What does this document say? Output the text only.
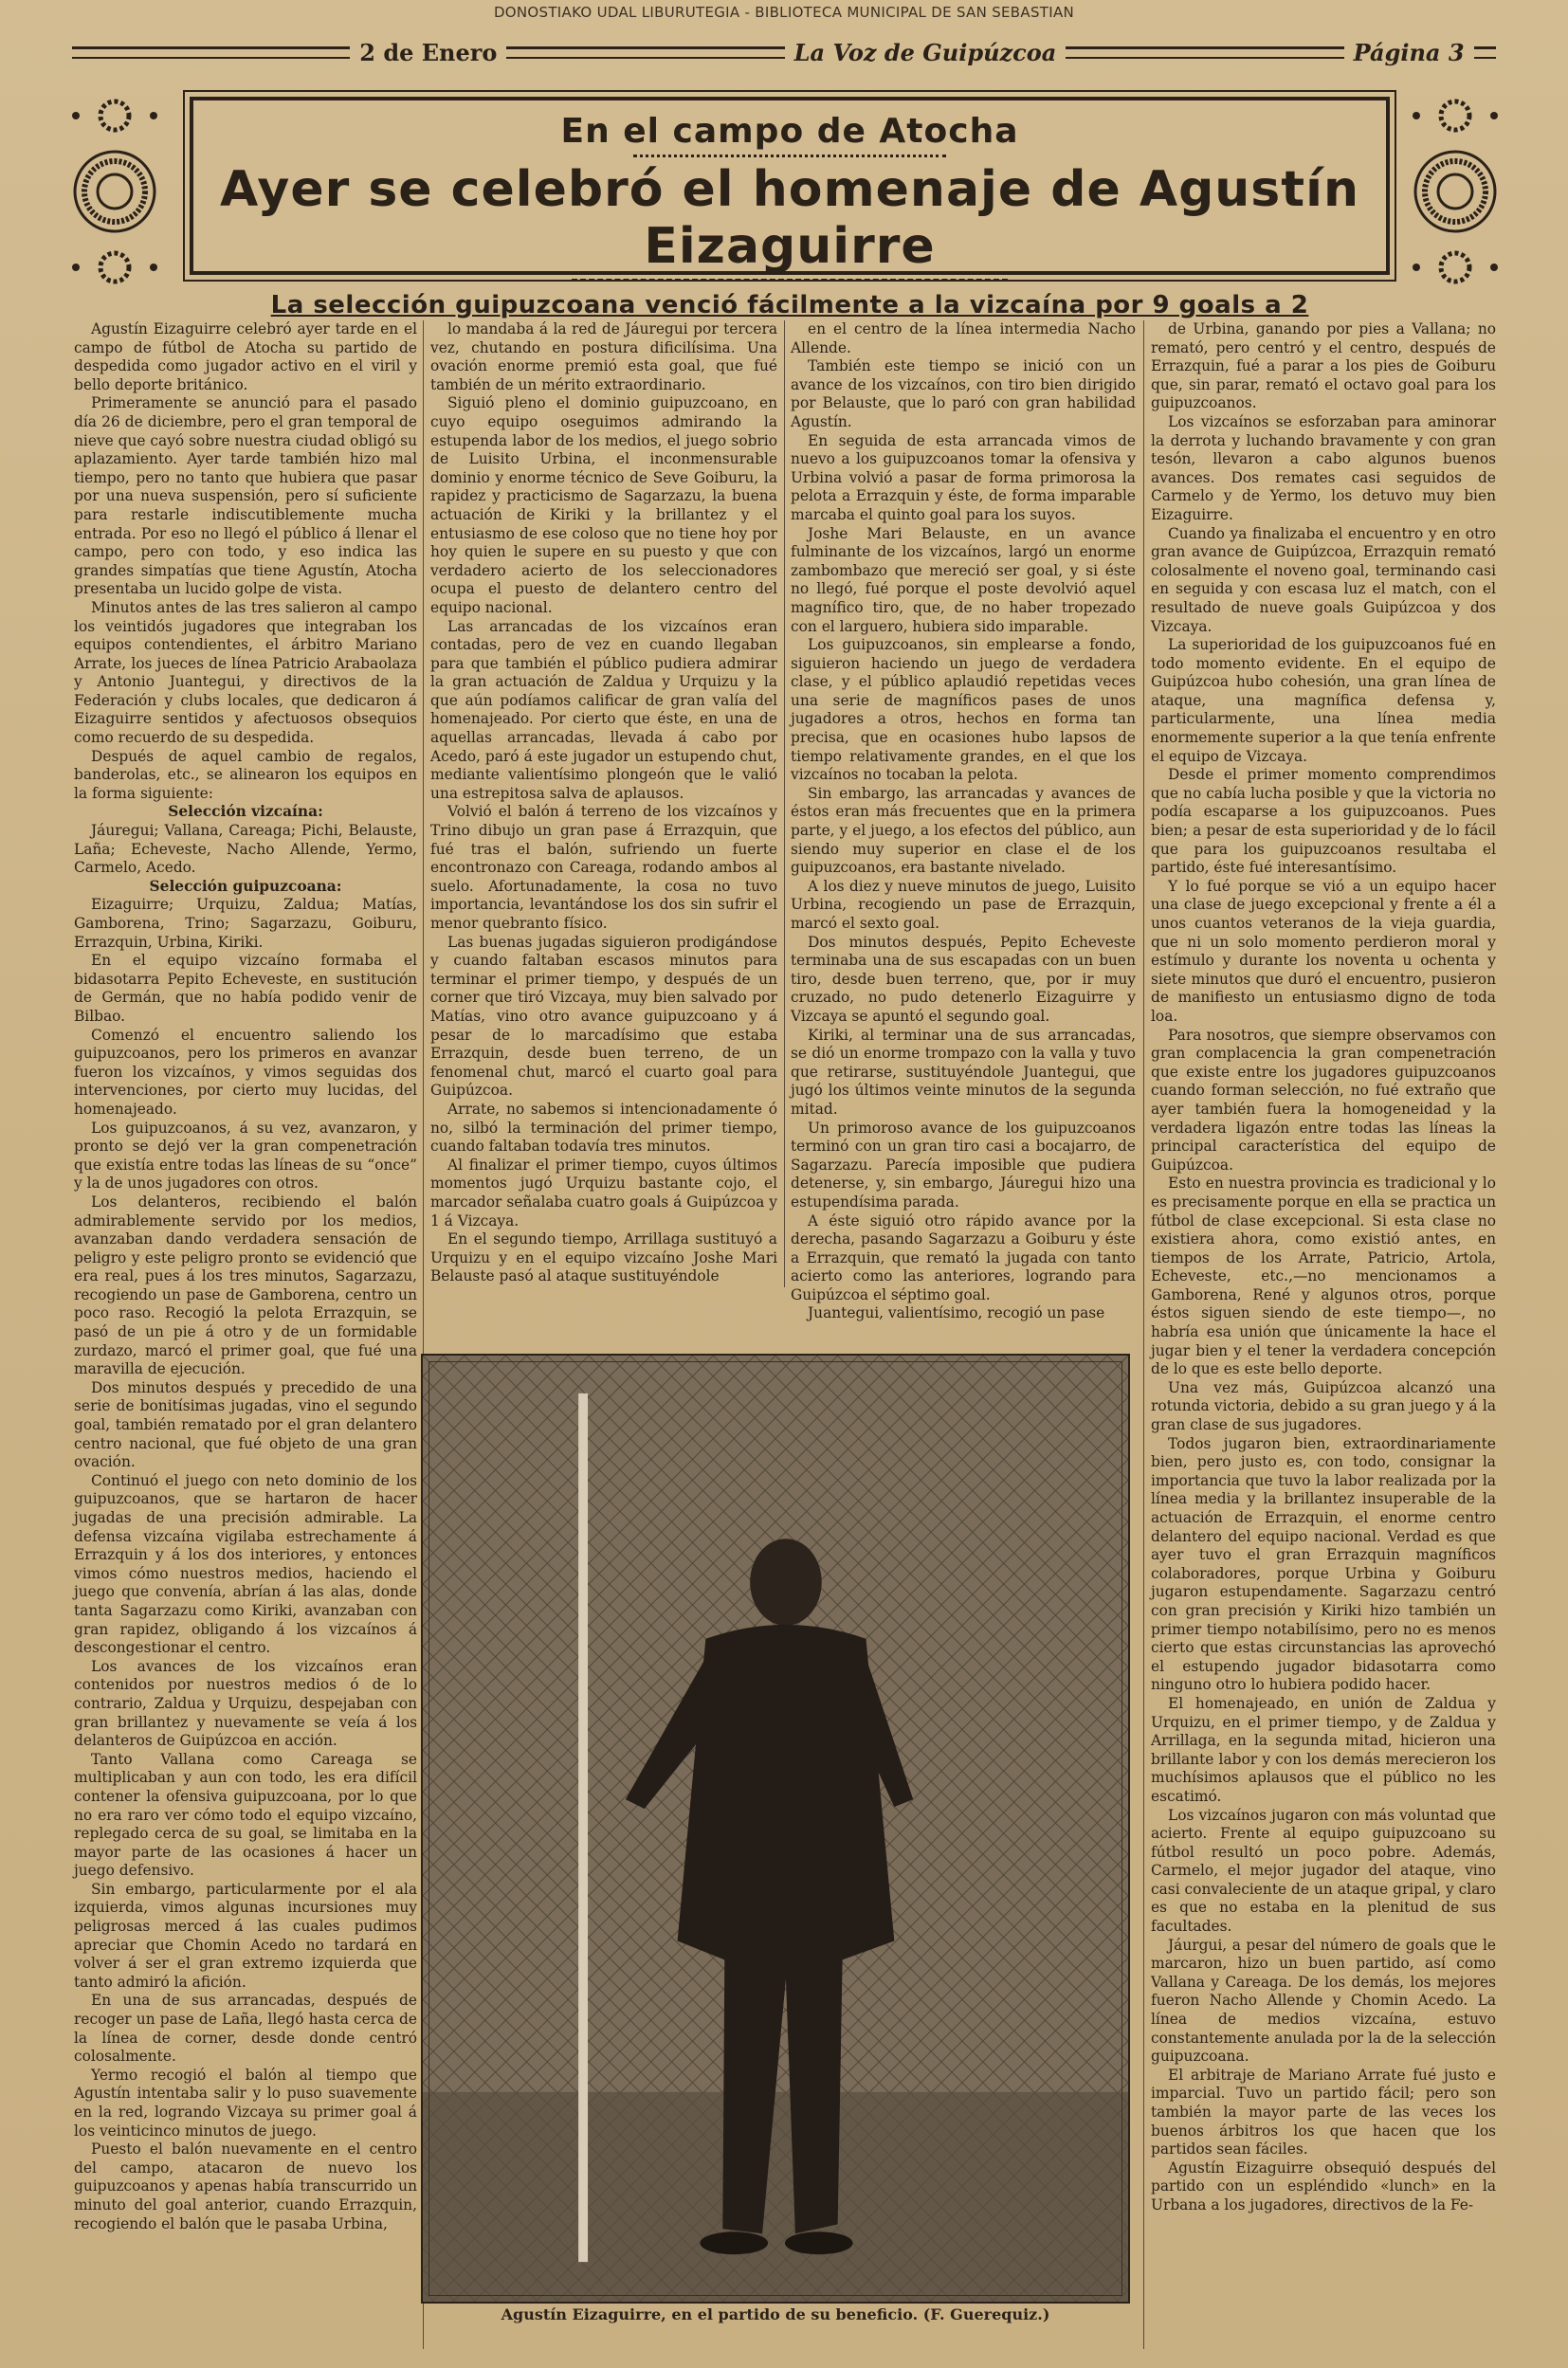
DONOSTIAKO UDAL LIBURUTEGIA - BIBLIOTECA MUNICIPAL DE SAN SEBASTIAN
2 de Enero	La Voz de Guipúzcoa	Página 3
En el campo de Atocha
Ayer se celebró el homenaje de Agustín Eizaguirre
La selección guipuzcoana venció fácilmente a la vizcaína por 9 goals a 2

Agustín Eizaguirre celebró ayer tarde en el campo de fútbol de Atocha su partido de despedida como jugador activo en el viril y bello deporte británico.

Primeramente se anunció para el pasado día 26 de diciembre, pero el gran temporal de nieve que cayó sobre nuestra ciudad obligó su aplazamiento. Ayer tarde también hizo mal tiempo, pero no tanto que hubiera que pasar por una nueva suspensión, pero sí suficiente para restarle indiscutiblemente mucha entrada. Por eso no llegó el público á llenar el campo, pero con todo, y eso indica las grandes simpatías que tiene Agustín, Atocha presentaba un lucido golpe de vista.

Minutos antes de las tres salieron al campo los veintidós jugadores que integraban los equipos contendientes, el árbitro Mariano Arrate, los jueces de línea Patricio Arabaolaza y Antonio Juantegui, y directivos de la Federación y clubs locales, que dedicaron á Eizaguirre sentidos y afectuosos obsequios como recuerdo de su despedida.

Después de aquel cambio de regalos, banderolas, etc., se alinearon los equipos en la forma siguiente:

Selección vizcaína:

Jáuregui; Vallana, Careaga; Pichi, Belauste, Laña; Echeveste, Nacho Allende, Yermo, Carmelo, Acedo.

Selección guipuzcoana:

Eizaguirre; Urquizu, Zaldua; Matías, Gamborena, Trino; Sagarzazu, Goiburu, Errazquin, Urbina, Kiriki.

En el equipo vizcaíno formaba el bidasotarra Pepito Echeveste, en sustitución de Germán, que no había podido venir de Bilbao.

Comenzó el encuentro saliendo los guipuzcoanos, pero los primeros en avanzar fueron los vizcaínos, y vimos seguidas dos intervenciones, por cierto muy lucidas, del homenajeado.

Los guipuzcoanos, á su vez, avanzaron, y pronto se dejó ver la gran compenetración que existía entre todas las líneas de su “once” y la de unos jugadores con otros.

Los delanteros, recibiendo el balón admirablemente servido por los medios, avanzaban dando verdadera sensación de peligro y este peligro pronto se evidenció que era real, pues á los tres minutos, Sagarzazu, recogiendo un pase de Gamborena, centro un poco raso. Recogió la pelota Errazquin, se pasó de un pie á otro y de un formidable zurdazo, marcó el primer goal, que fué una maravilla de ejecución.

Dos minutos después y precedido de una serie de bonitísimas jugadas, vino el segundo goal, también rematado por el gran delantero centro nacional, que fué objeto de una gran ovación.

Continuó el juego con neto dominio de los guipuzcoanos, que se hartaron de hacer jugadas de una precisión admirable. La defensa vizcaína vigilaba estrechamente á Errazquin y á los dos interiores, y entonces vimos cómo nuestros medios, haciendo el juego que convenía, abrían á las alas, donde tanta Sagarzazu como Kiriki, avanzaban con gran rapidez, obligando á los vizcaínos á descongestionar el centro.

Los avances de los vizcaínos eran contenidos por nuestros medios ó de lo contrario, Zaldua y Urquizu, despejaban con gran brillantez y nuevamente se veía á los delanteros de Guipúzcoa en acción.

Tanto Vallana como Careaga se multiplicaban y aun con todo, les era difícil contener la ofensiva guipuzcoana, por lo que no era raro ver cómo todo el equipo vizcaíno, replegado cerca de su goal, se limitaba en la mayor parte de las ocasiones á hacer un juego defensivo.

Sin embargo, particularmente por el ala izquierda, vimos algunas incursiones muy peligrosas merced á las cuales pudimos apreciar que Chomin Acedo no tardará en volver á ser el gran extremo izquierda que tanto admiró la afición.

En una de sus arrancadas, después de recoger un pase de Laña, llegó hasta cerca de la línea de corner, desde donde centró colosalmente.

Yermo recogió el balón al tiempo que Agustín intentaba salir y lo puso suavemente en la red, logrando Vizcaya su primer goal á los veinticinco minutos de juego.

Puesto el balón nuevamente en el centro del campo, atacaron de nuevo los guipuzcoanos y apenas había transcurrido un minuto del goal anterior, cuando Errazquin, recogiendo el balón que le pasaba Urbina,

lo mandaba á la red de Jáuregui por tercera vez, chutando en postura dificilísima. Una ovación enorme premió esta goal, que fué también de un mérito extraordinario.

Siguió pleno el dominio guipuzcoano, en cuyo equipo oseguimos admirando la estupenda labor de los medios, el juego sobrio de Luisito Urbina, el inconmensurable dominio y enorme técnico de Seve Goiburu, la rapidez y practicismo de Sagarzazu, la buena actuación de Kiriki y la brillantez y el entusiasmo de ese coloso que no tiene hoy por hoy quien le supere en su puesto y que con verdadero acierto de los seleccionadores ocupa el puesto de delantero centro del equipo nacional.

Las arrancadas de los vizcaínos eran contadas, pero de vez en cuando llegaban para que también el público pudiera admirar la gran actuación de Zaldua y Urquizu y la que aún podíamos calificar de gran valía del homenajeado. Por cierto que éste, en una de aquellas arrancadas, llevada á cabo por Acedo, paró á este jugador un estupendo chut, mediante valientísimo plongeón que le valió una estrepitosa salva de aplausos.

Volvió el balón á terreno de los vizcaínos y Trino dibujo un gran pase á Errazquin, que fué tras el balón, sufriendo un fuerte encontronazo con Careaga, rodando ambos al suelo. Afortunadamente, la cosa no tuvo importancia, levantándose los dos sin sufrir el menor quebranto físico.

Las buenas jugadas siguieron prodigándose y cuando faltaban escasos minutos para terminar el primer tiempo, y después de un corner que tiró Vizcaya, muy bien salvado por Matías, vino otro avance guipuzcoano y á pesar de lo marcadísimo que estaba Errazquin, desde buen terreno, de un fenomenal chut, marcó el cuarto goal para Guipúzcoa.

Arrate, no sabemos si intencionadamente ó no, silbó la terminación del primer tiempo, cuando faltaban todavía tres minutos.

Al finalizar el primer tiempo, cuyos últimos momentos jugó Urquizu bastante cojo, el marcador señalaba cuatro goals á Guipúzcoa y 1 á Vizcaya.

En el segundo tiempo, Arrillaga sustituyó a Urquizu y en el equipo vizcaíno Joshe Mari Belauste pasó al ataque sustituyéndole

en el centro de la línea intermedia Nacho Allende.

También este tiempo se inició con un avance de los vizcaínos, con tiro bien dirigido por Belauste, que lo paró con gran habilidad Agustín.

En seguida de esta arrancada vimos de nuevo a los guipuzcoanos tomar la ofensiva y Urbina volvió a pasar de forma primorosa la pelota a Errazquin y éste, de forma imparable marcaba el quinto goal para los suyos.

Joshe Mari Belauste, en un avance fulminante de los vizcaínos, largó un enorme zambombazo que mereció ser goal, y si éste no llegó, fué porque el poste devolvió aquel magnífico tiro, que, de no haber tropezado con el larguero, hubiera sido imparable.

Los guipuzcoanos, sin emplearse a fondo, siguieron haciendo un juego de verdadera clase, y el público aplaudió repetidas veces una serie de magníficos pases de unos jugadores a otros, hechos en forma tan precisa, que en ocasiones hubo lapsos de tiempo relativamente grandes, en el que los vizcaínos no tocaban la pelota.

Sin embargo, las arrancadas y avances de éstos eran más frecuentes que en la primera parte, y el juego, a los efectos del público, aun siendo muy superior en clase el de los guipuzcoanos, era bastante nivelado.

A los diez y nueve minutos de juego, Luisito Urbina, recogiendo un pase de Errazquin, marcó el sexto goal.

Dos minutos después, Pepito Echeveste terminaba una de sus escapadas con un buen tiro, desde buen terreno, que, por ir muy cruzado, no pudo detenerlo Eizaguirre y Vizcaya se apuntó el segundo goal.

Kiriki, al terminar una de sus arrancadas, se dió un enorme trompazo con la valla y tuvo que retirarse, sustituyéndole Juantegui, que jugó los últimos veinte minutos de la segunda mitad.

Un primoroso avance de los guipuzcoanos terminó con un gran tiro casi a bocajarro, de Sagarzazu. Parecía imposible que pudiera detenerse, y, sin embargo, Jáuregui hizo una estupendísima parada.

A éste siguió otro rápido avance por la derecha, pasando Sagarzazu a Goiburu y éste a Errazquin, que remató la jugada con tanto acierto como las anteriores, logrando para Guipúzcoa el séptimo goal.

Juantegui, valientísimo, recogió un pase

de Urbina, ganando por pies a Vallana; no remató, pero centró y el centro, después de Errazquin, fué a parar a los pies de Goiburu que, sin parar, remató el octavo goal para los guipuzcoanos.

Los vizcaínos se esforzaban para aminorar la derrota y luchando bravamente y con gran tesón, llevaron a cabo algunos buenos avances. Dos remates casi seguidos de Carmelo y de Yermo, los detuvo muy bien Eizaguirre.

Cuando ya finalizaba el encuentro y en otro gran avance de Guipúzcoa, Errazquin remató colosalmente el noveno goal, terminando casi en seguida y con escasa luz el match, con el resultado de nueve goals Guipúzcoa y dos Vizcaya.

La superioridad de los guipuzcoanos fué en todo momento evidente. En el equipo de Guipúzcoa hubo cohesión, una gran línea de ataque, una magnífica defensa y, particularmente, una línea media enormemente superior a la que tenía enfrente el equipo de Vizcaya.

Desde el primer momento comprendimos que no cabía lucha posible y que la victoria no podía escaparse a los guipuzcoanos. Pues bien; a pesar de esta superioridad y de lo fácil que para los guipuzcoanos resultaba el partido, éste fué interesantísimo.

Y lo fué porque se vió a un equipo hacer una clase de juego excepcional y frente a él a unos cuantos veteranos de la vieja guardia, que ni un solo momento perdieron moral y estímulo y durante los noventa u ochenta y siete minutos que duró el encuentro, pusieron de manifiesto un entusiasmo digno de toda loa.

Para nosotros, que siempre observamos con gran complacencia la gran compenetración que existe entre los jugadores guipuzcoanos cuando forman selección, no fué extraño que ayer también fuera la homogeneidad y la verdadera ligazón entre todas las líneas la principal característica del equipo de Guipúzcoa.

Esto en nuestra provincia es tradicional y lo es precisamente porque en ella se practica un fútbol de clase excepcional. Si esta clase no existiera ahora, como existió antes, en tiempos de los Arrate, Patricio, Artola, Echeveste, etc.,—no mencionamos a Gamborena, René y algunos otros, porque éstos siguen siendo de este tiempo—, no habría esa unión que únicamente la hace el jugar bien y el tener la verdadera concepción de lo que es este bello deporte.

Una vez más, Guipúzcoa alcanzó una rotunda victoria, debido a su gran juego y á la gran clase de sus jugadores.

Todos jugaron bien, extraordinariamente bien, pero justo es, con todo, consignar la importancia que tuvo la labor realizada por la línea media y la brillantez insuperable de la actuación de Errazquin, el enorme centro delantero del equipo nacional. Verdad es que ayer tuvo el gran Errazquin magníficos colaboradores, porque Urbina y Goiburu jugaron estupendamente. Sagarzazu centró con gran precisión y Kiriki hizo también un primer tiempo notabilísimo, pero no es menos cierto que estas circunstancias las aprovechó el estupendo jugador bidasotarra como ninguno otro lo hubiera podido hacer.

El homenajeado, en unión de Zaldua y Urquizu, en el primer tiempo, y de Zaldua y Arrillaga, en la segunda mitad, hicieron una brillante labor y con los demás merecieron los muchísimos aplausos que el público no les escatimó.

Los vizcaínos jugaron con más voluntad que acierto. Frente al equipo guipuzcoano su fútbol resultó un poco pobre. Además, Carmelo, el mejor jugador del ataque, vino casi convaleciente de un ataque gripal, y claro es que no estaba en la plenitud de sus facultades.

Jáurgui, a pesar del número de goals que le marcaron, hizo un buen partido, así como Vallana y Careaga. De los demás, los mejores fueron Nacho Allende y Chomin Acedo. La línea de medios vizcaína, estuvo constantemente anulada por la de la selección guipuzcoana.

El arbitraje de Mariano Arrate fué justo e imparcial. Tuvo un partido fácil; pero son también la mayor parte de las veces los buenos árbitros los que hacen que los partidos sean fáciles.

Agustín Eizaguirre obsequió después del partido con un espléndido «lunch» en la Urbana a los jugadores, directivos de la Fe-

Agustín Eizaguirre, en el partido de su beneficio. (F. Guerequiz.)
